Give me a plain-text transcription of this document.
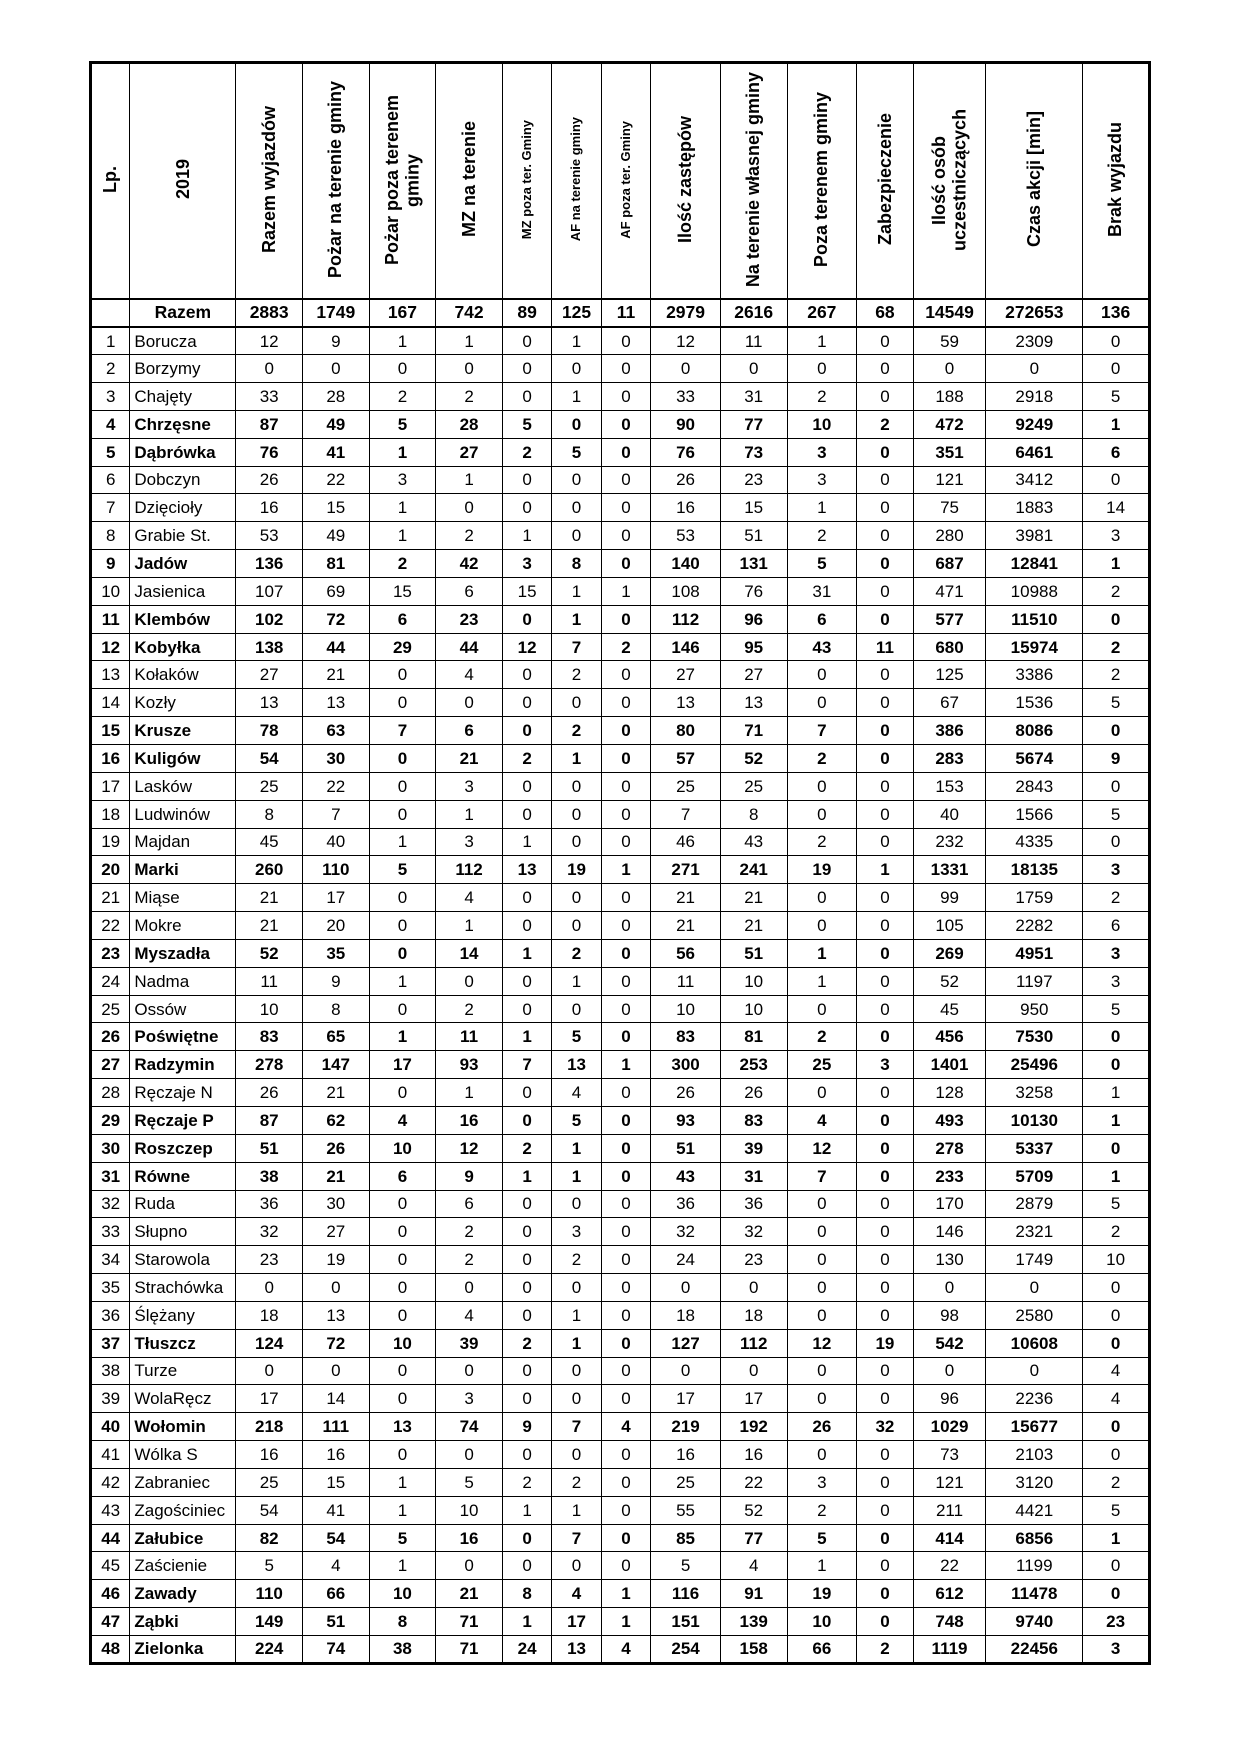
Lp.	2019	Razem wyjazdów	Pożar na terenie gminy	Pożar poza terenem gminy	MZ na terenie	MZ poza ter. Gminy	AF na terenie gminy	AF poza ter. Gminy	Ilość zastępów	Na terenie własnej gminy	Poza terenem gminy	Zabezpieczenie	Ilość osób uczestniczących	Czas akcji [min]	Brak wyjazdu
	Razem	2883	1749	167	742	89	125	11	2979	2616	267	68	14549	272653	136
1	Borucza	12	9	1	1	0	1	0	12	11	1	0	59	2309	0
2	Borzymy	0	0	0	0	0	0	0	0	0	0	0	0	0	0
3	Chajęty	33	28	2	2	0	1	0	33	31	2	0	188	2918	5
4	Chrzęsne	87	49	5	28	5	0	0	90	77	10	2	472	9249	1
5	Dąbrówka	76	41	1	27	2	5	0	76	73	3	0	351	6461	6
6	Dobczyn	26	22	3	1	0	0	0	26	23	3	0	121	3412	0
7	Dzięcioły	16	15	1	0	0	0	0	16	15	1	0	75	1883	14
8	Grabie St.	53	49	1	2	1	0	0	53	51	2	0	280	3981	3
9	Jadów	136	81	2	42	3	8	0	140	131	5	0	687	12841	1
10	Jasienica	107	69	15	6	15	1	1	108	76	31	0	471	10988	2
11	Klembów	102	72	6	23	0	1	0	112	96	6	0	577	11510	0
12	Kobyłka	138	44	29	44	12	7	2	146	95	43	11	680	15974	2
13	Kołaków	27	21	0	4	0	2	0	27	27	0	0	125	3386	2
14	Kozły	13	13	0	0	0	0	0	13	13	0	0	67	1536	5
15	Krusze	78	63	7	6	0	2	0	80	71	7	0	386	8086	0
16	Kuligów	54	30	0	21	2	1	0	57	52	2	0	283	5674	9
17	Lasków	25	22	0	3	0	0	0	25	25	0	0	153	2843	0
18	Ludwinów	8	7	0	1	0	0	0	7	8	0	0	40	1566	5
19	Majdan	45	40	1	3	1	0	0	46	43	2	0	232	4335	0
20	Marki	260	110	5	112	13	19	1	271	241	19	1	1331	18135	3
21	Miąse	21	17	0	4	0	0	0	21	21	0	0	99	1759	2
22	Mokre	21	20	0	1	0	0	0	21	21	0	0	105	2282	6
23	Myszadła	52	35	0	14	1	2	0	56	51	1	0	269	4951	3
24	Nadma	11	9	1	0	0	1	0	11	10	1	0	52	1197	3
25	Ossów	10	8	0	2	0	0	0	10	10	0	0	45	950	5
26	Poświętne	83	65	1	11	1	5	0	83	81	2	0	456	7530	0
27	Radzymin	278	147	17	93	7	13	1	300	253	25	3	1401	25496	0
28	Ręczaje N	26	21	0	1	0	4	0	26	26	0	0	128	3258	1
29	Ręczaje P	87	62	4	16	0	5	0	93	83	4	0	493	10130	1
30	Roszczep	51	26	10	12	2	1	0	51	39	12	0	278	5337	0
31	Równe	38	21	6	9	1	1	0	43	31	7	0	233	5709	1
32	Ruda	36	30	0	6	0	0	0	36	36	0	0	170	2879	5
33	Słupno	32	27	0	2	0	3	0	32	32	0	0	146	2321	2
34	Starowola	23	19	0	2	0	2	0	24	23	0	0	130	1749	10
35	Strachówka	0	0	0	0	0	0	0	0	0	0	0	0	0	0
36	Ślężany	18	13	0	4	0	1	0	18	18	0	0	98	2580	0
37	Tłuszcz	124	72	10	39	2	1	0	127	112	12	19	542	10608	0
38	Turze	0	0	0	0	0	0	0	0	0	0	0	0	0	4
39	WolaRęcz	17	14	0	3	0	0	0	17	17	0	0	96	2236	4
40	Wołomin	218	111	13	74	9	7	4	219	192	26	32	1029	15677	0
41	Wólka S	16	16	0	0	0	0	0	16	16	0	0	73	2103	0
42	Zabraniec	25	15	1	5	2	2	0	25	22	3	0	121	3120	2
43	Zagościniec	54	41	1	10	1	1	0	55	52	2	0	211	4421	5
44	Załubice	82	54	5	16	0	7	0	85	77	5	0	414	6856	1
45	Zaścienie	5	4	1	0	0	0	0	5	4	1	0	22	1199	0
46	Zawady	110	66	10	21	8	4	1	116	91	19	0	612	11478	0
47	Ząbki	149	51	8	71	1	17	1	151	139	10	0	748	9740	23
48	Zielonka	224	74	38	71	24	13	4	254	158	66	2	1119	22456	3
